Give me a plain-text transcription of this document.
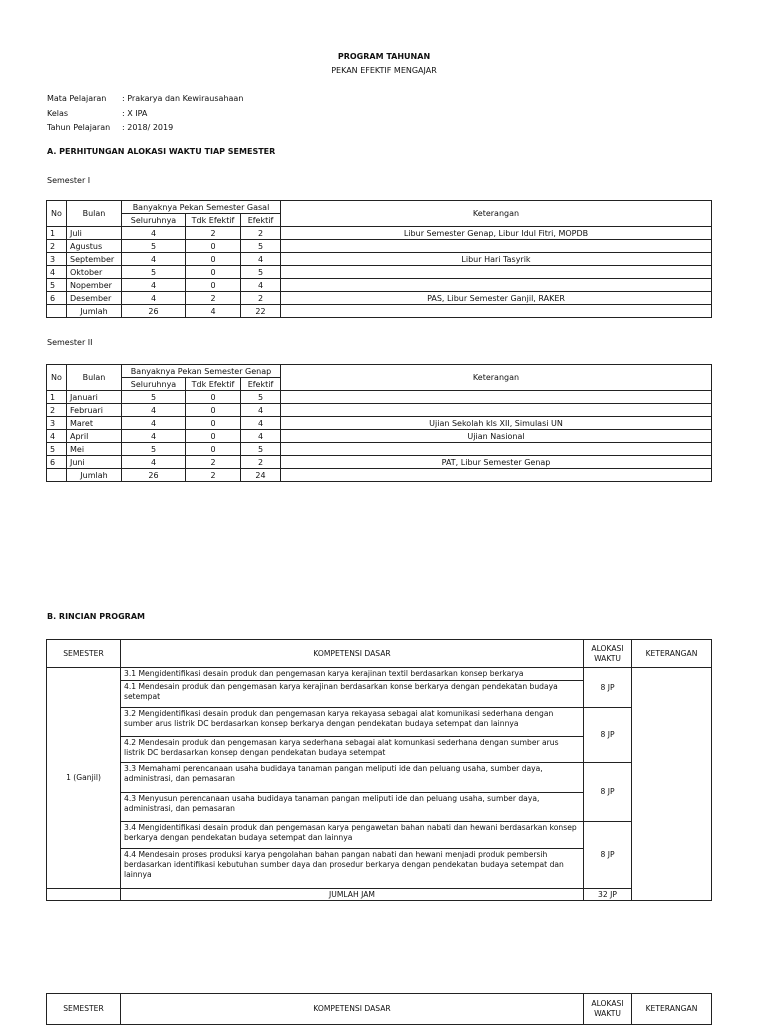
PROGRAM TAHUNAN
PEKAN EFEKTIF MENGAJAR
Mata Pelajaran	: Prakarya dan Kewirausahaan
Kelas	: X IPA
Tahun Pelajaran	: 2018/ 2019
A. PERHITUNGAN ALOKASI WAKTU TIAP SEMESTER
Semester I
No	Bulan	Banyaknya Pekan Semester Gasal			Keterangan
		Seluruhnya	Tdk Efektif	Efektif	
1	Juli	4	2	2	Libur Semester Genap, Libur Idul Fitri, MOPDB
2	Agustus	5	0	5	
3	September	4	0	4	Libur Hari Tasyrik
4	Oktober	5	0	5	
5	Nopember	4	0	4	
6	Desember	4	2	2	PAS, Libur Semester Ganjil, RAKER
	Jumlah	26	4	22	
Semester II
No	Bulan	Banyaknya Pekan Semester Genap			Keterangan
		Seluruhnya	Tdk Efektif	Efektif	
1	Januari	5	0	5	
2	Februari	4	0	4	
3	Maret	4	0	4	Ujian Sekolah kls XII, Simulasi UN
4	April	4	0	4	Ujian Nasional
5	Mei	5	0	5	
6	Juni	4	2	2	PAT, Libur Semester Genap
	Jumlah	26	2	24	
B. RINCIAN PROGRAM
SEMESTER	KOMPETENSI DASAR	ALOKASI
WAKTU	KETERANGAN
1 (Ganjil)	3.1 Mengidentifikasi desain produk dan pengemasan karya kerajinan textil berdasarkan konsep berkarya	8 JP	
	4.1 Mendesain produk dan pengemasan karya kerajinan berdasarkan konse berkarya dengan pendekatan budaya setempat		
	3.2 Mengidentifikasi desain produk dan pengemasan karya rekayasa sebagai alat komunikasi sederhana dengan sumber arus listrik DC berdasarkan konsep berkarya dengan pendekatan budaya setempat dan lainnya	8 JP	
	4.2 Mendesain produk dan pengemasan karya sederhana sebagai alat komunkasi sederhana dengan sumber arus listrik DC berdasarkan konsep dengan pendekatan budaya setempat		
	3.3 Memahami perencanaan usaha budidaya tanaman pangan meliputi ide dan peluang usaha, sumber daya, administrasi, dan pemasaran	8 JP	
	4.3 Menyusun perencanaan usaha budidaya tanaman pangan meliputi ide dan peluang usaha, sumber daya, administrasi, dan pemasaran		
	3.4 Mengidentifikasi desain produk dan pengemasan karya pengawetan bahan nabati dan hewani berdasarkan konsep berkarya dengan pendekatan budaya setempat dan lainnya	8 JP	
	4.4 Mendesain proses produksi karya pengolahan bahan pangan nabati dan hewani menjadi produk pembersih berdasarkan identifikasi kebutuhan sumber daya dan prosedur berkarya dengan pendekatan budaya setempat dan lainnya		
	JUMLAH JAM	32 JP	
SEMESTER	KOMPETENSI DASAR	ALOKASI
WAKTU	KETERANGAN
